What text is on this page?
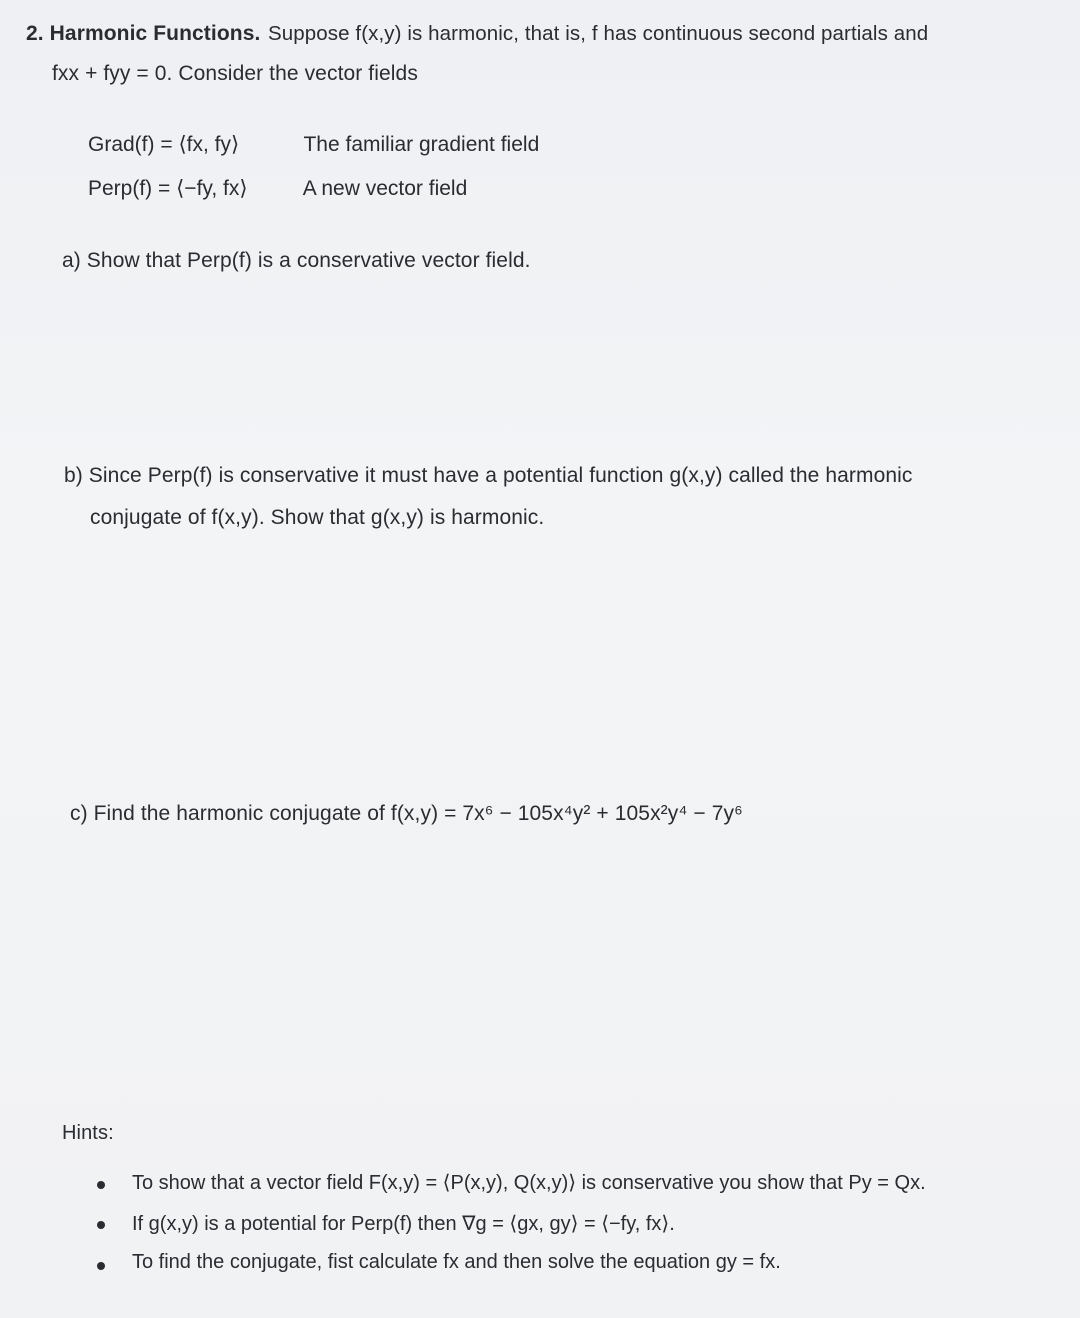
2. Harmonic Functions. Suppose f(x,y) is harmonic, that is, f has continuous second partials and
fxx + fyy = 0. Consider the vector fields
Grad(f) = ⟨fx, fy⟩	The familiar gradient field
Perp(f) = ⟨−fy, fx⟩	A new vector field
a) Show that Perp(f) is a conservative vector field.
b) Since Perp(f) is conservative it must have a potential function g(x,y) called the harmonic
conjugate of f(x,y). Show that g(x,y) is harmonic.
c) Find the harmonic conjugate of f(x,y) = 7x⁶ − 105x⁴y² + 105x²y⁴ − 7y⁶
Hints:
To show that a vector field F(x,y) = ⟨P(x,y), Q(x,y)⟩ is conservative you show that Py = Qx.
If g(x,y) is a potential for Perp(f) then ∇g = ⟨gx, gy⟩ = ⟨−fy, fx⟩.
To find the conjugate, fist calculate fx and then solve the equation gy = fx.
